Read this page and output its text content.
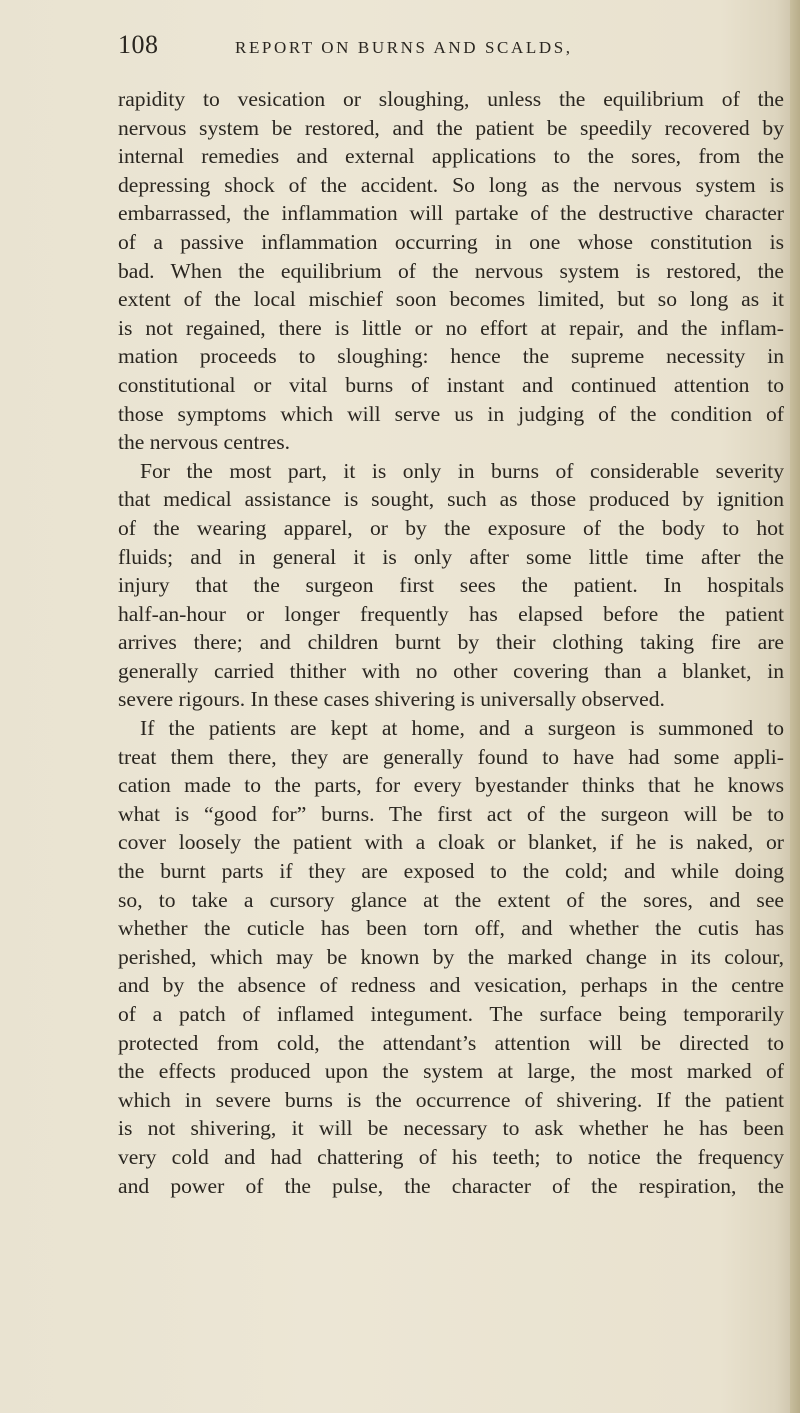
108	REPORT ON BURNS AND SCALDS,
rapidity to vesication or sloughing, unless the equilibrium of the
nervous system be restored, and the patient be speedily recovered by
internal remedies and external applications to the sores, from the
depressing shock of the accident. So long as the nervous system is
embarrassed, the inflammation will partake of the destructive character
of a passive inflammation occurring in one whose constitution is
bad. When the equilibrium of the nervous system is restored, the
extent of the local mischief soon becomes limited, but so long as it
is not regained, there is little or no effort at repair, and the inflam-
mation proceeds to sloughing: hence the supreme necessity in
constitutional or vital burns of instant and continued attention to
those symptoms which will serve us in judging of the condition of
the nervous centres.
For the most part, it is only in burns of considerable severity
that medical assistance is sought, such as those produced by ignition
of the wearing apparel, or by the exposure of the body to hot
fluids; and in general it is only after some little time after the
injury that the surgeon first sees the patient. In hospitals
half-an-hour or longer frequently has elapsed before the patient
arrives there; and children burnt by their clothing taking fire are
generally carried thither with no other covering than a blanket, in
severe rigours. In these cases shivering is universally observed.
If the patients are kept at home, and a surgeon is summoned to
treat them there, they are generally found to have had some appli-
cation made to the parts, for every byestander thinks that he knows
what is “good for” burns. The first act of the surgeon will be to
cover loosely the patient with a cloak or blanket, if he is naked, or
the burnt parts if they are exposed to the cold; and while doing
so, to take a cursory glance at the extent of the sores, and see
whether the cuticle has been torn off, and whether the cutis has
perished, which may be known by the marked change in its colour,
and by the absence of redness and vesication, perhaps in the centre
of a patch of inflamed integument. The surface being temporarily
protected from cold, the attendant’s attention will be directed to
the effects produced upon the system at large, the most marked of
which in severe burns is the occurrence of shivering. If the patient
is not shivering, it will be necessary to ask whether he has been
very cold and had chattering of his teeth; to notice the frequency
and power of the pulse, the character of the respiration, the
